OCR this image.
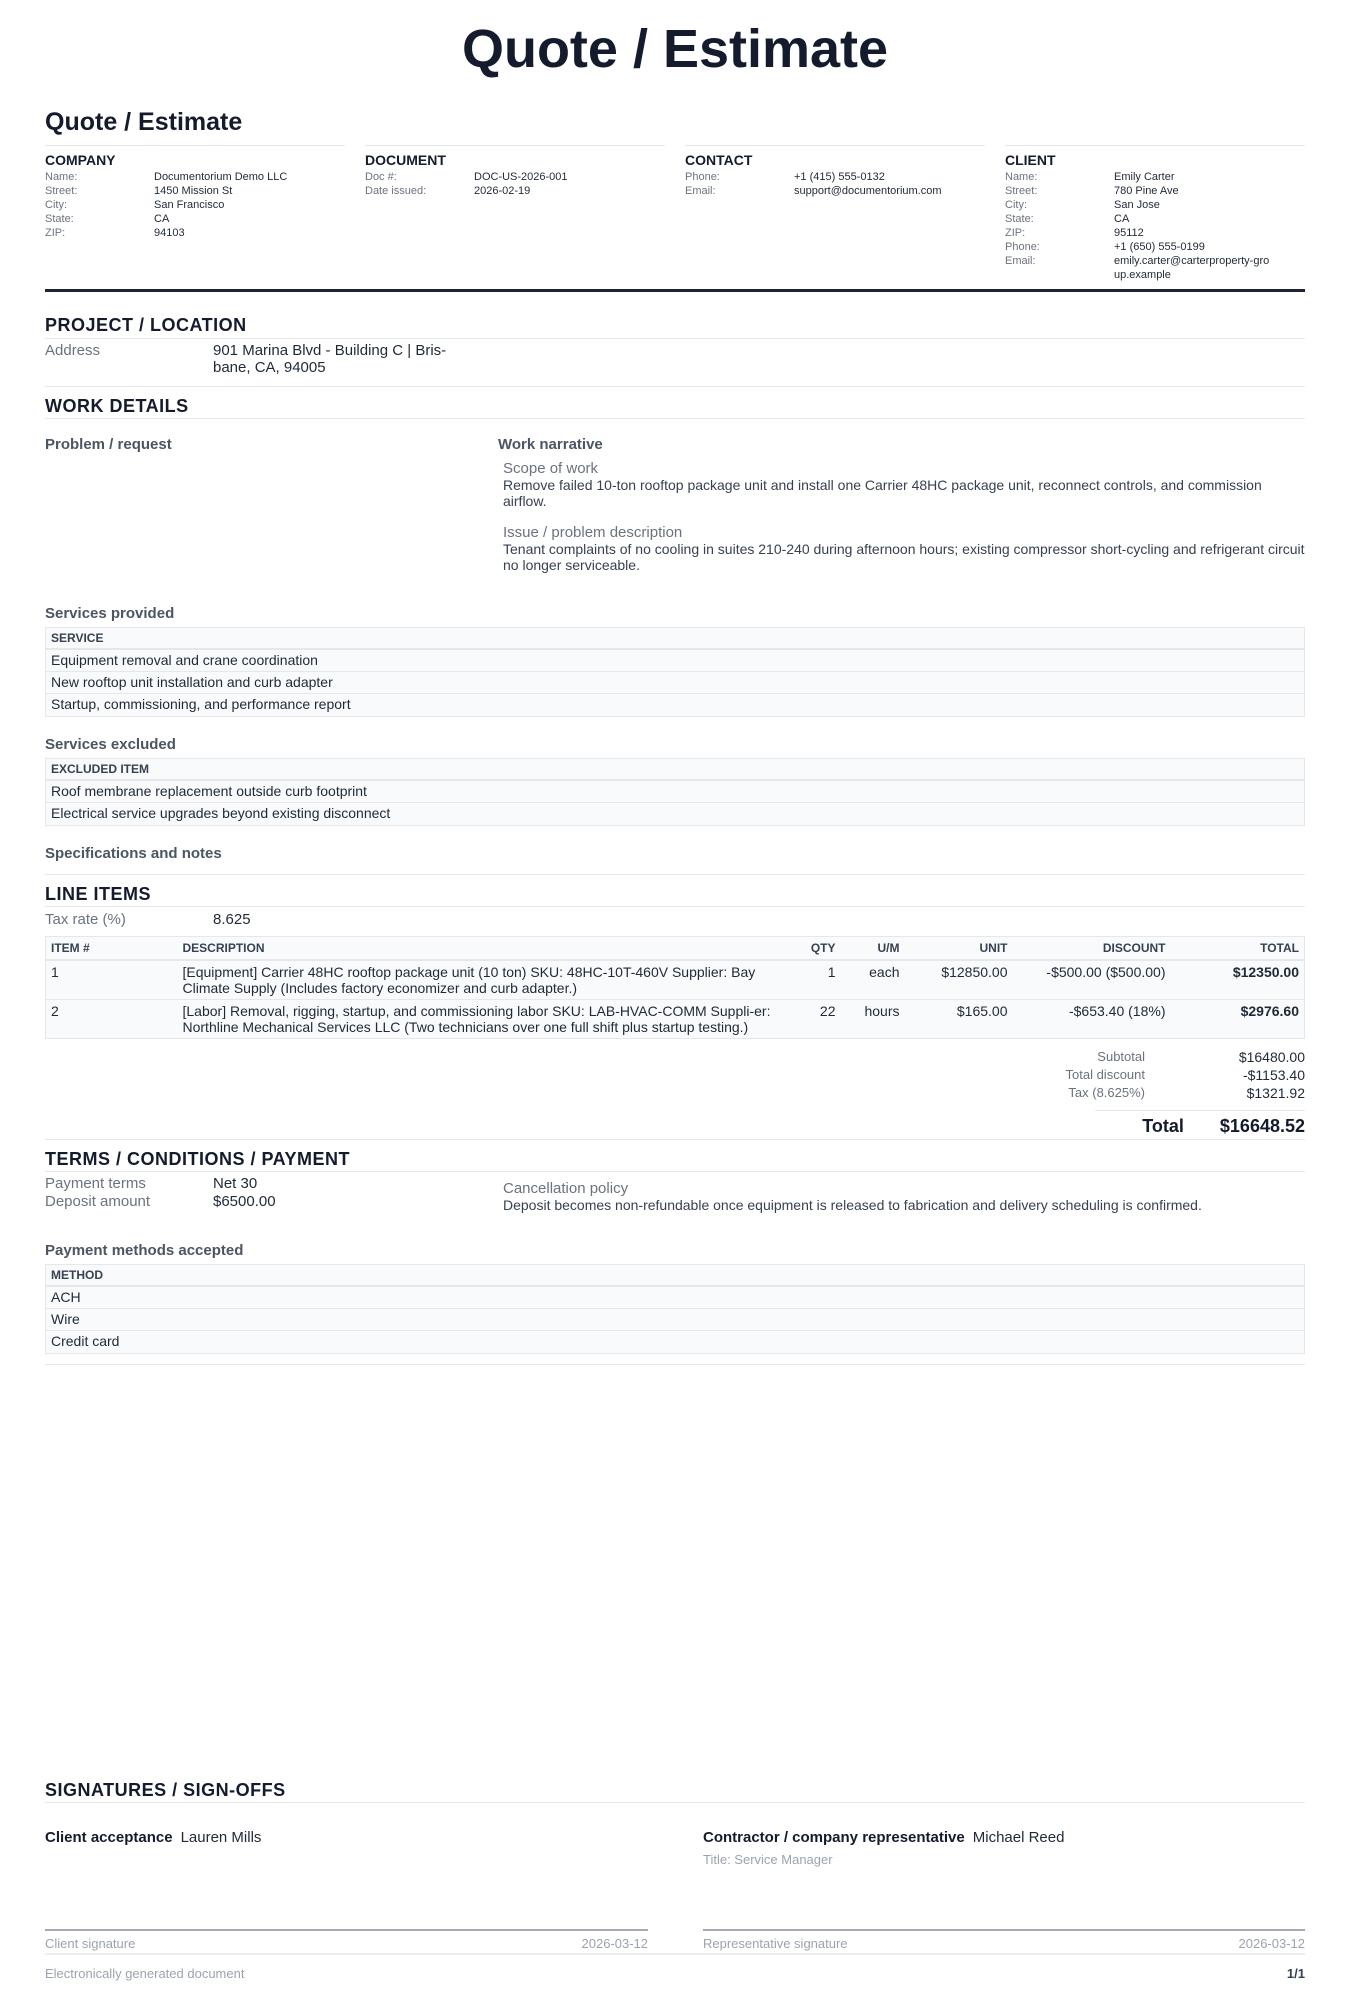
Quote / Estimate
Quote / Estimate
COMPANY
Name:	Documentorium Demo LLC
Street:	1450 Mission St
City:	San Francisco
State:	CA
ZIP:	94103
DOCUMENT
Doc #:	DOC-US-2026-001
Date issued:	2026-02-19
CONTACT
Phone:	+1 (415) 555-0132
Email:	support@documentorium.com
CLIENT
Name:	Emily Carter
Street:	780 Pine Ave
City:	San Jose
State:	CA
ZIP:	95112
Phone:	+1 (650) 555-0199
Email:	emily.carter@carterproperty-group.example
PROJECT / LOCATION
Address	901 Marina Blvd - Building C | Bris-bane, CA, 94005
WORK DETAILS
Problem / request	Work narrative
Scope of work
Remove failed 10-ton rooftop package unit and install one Carrier 48HC package unit, reconnect controls, and commission airflow.
Issue / problem description
Tenant complaints of no cooling in suites 210-240 during afternoon hours; existing compressor short-cycling and refrigerant circuit no longer serviceable.
Services provided
SERVICE
Equipment removal and crane coordination
New rooftop unit installation and curb adapter
Startup, commissioning, and performance report
Services excluded
EXCLUDED ITEM
Roof membrane replacement outside curb footprint
Electrical service upgrades beyond existing disconnect
Specifications and notes
LINE ITEMS
Tax rate (%)	8.625
ITEM #	DESCRIPTION	QTY	U/M	UNIT	DISCOUNT	TOTAL
1	[Equipment] Carrier 48HC rooftop package unit (10 ton) SKU: 48HC-10T-460V Supplier: Bay Climate Supply (Includes factory economizer and curb adapter.)	1	each	$12850.00	-$500.00 ($500.00)	$12350.00
2	[Labor] Removal, rigging, startup, and commissioning labor SKU: LAB-HVAC-COMM Suppli-er: Northline Mechanical Services LLC (Two technicians over one full shift plus startup testing.)	22	hours	$165.00	-$653.40 (18%)	$2976.60
Subtotal	$16480.00
Total discount	-$1153.40
Tax (8.625%)	$1321.92
Total	$16648.52
TERMS / CONDITIONS / PAYMENT
Payment terms	Net 30
Deposit amount	$6500.00
Cancellation policy
Deposit becomes non-refundable once equipment is released to fabrication and delivery scheduling is confirmed.
Payment methods accepted
METHOD
ACH
Wire
Credit card
SIGNATURES / SIGN-OFFS
Client acceptance Lauren Mills	Contractor / company representative Michael Reed
Title: Service Manager
Client signature	2026-03-12	Representative signature	2026-03-12
Electronically generated document	1/1
